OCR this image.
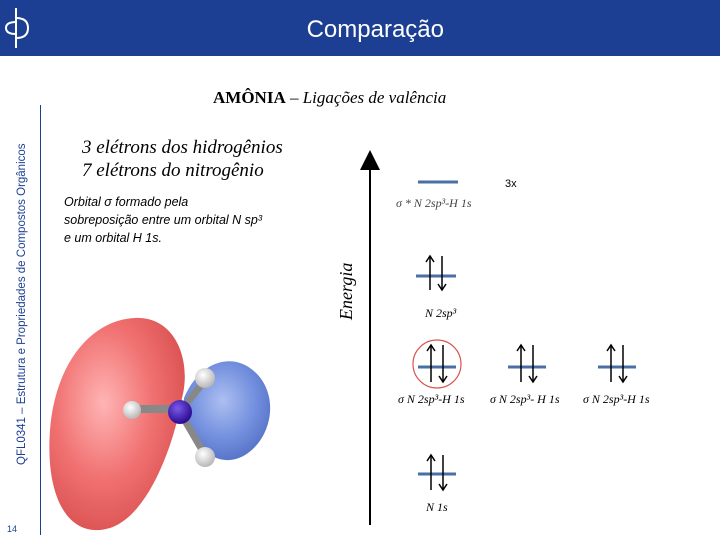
Comparação
QFL0341 – Estrutura e Propriedades de Compostos Orgânicos
14
AMÔNIA – Ligações de valência
3 elétrons dos hidrogênios
7 elétrons do nitrogênio
Orbital σ formado pela
sobreposição entre um orbital N sp³
e um orbital H 1s.
Energia
3x
σ * N 2sp³-H 1s
N 2sp³
σ N 2sp³-H 1s σ N 2sp³- H 1s σ N 2sp³-H 1s
N 1s
